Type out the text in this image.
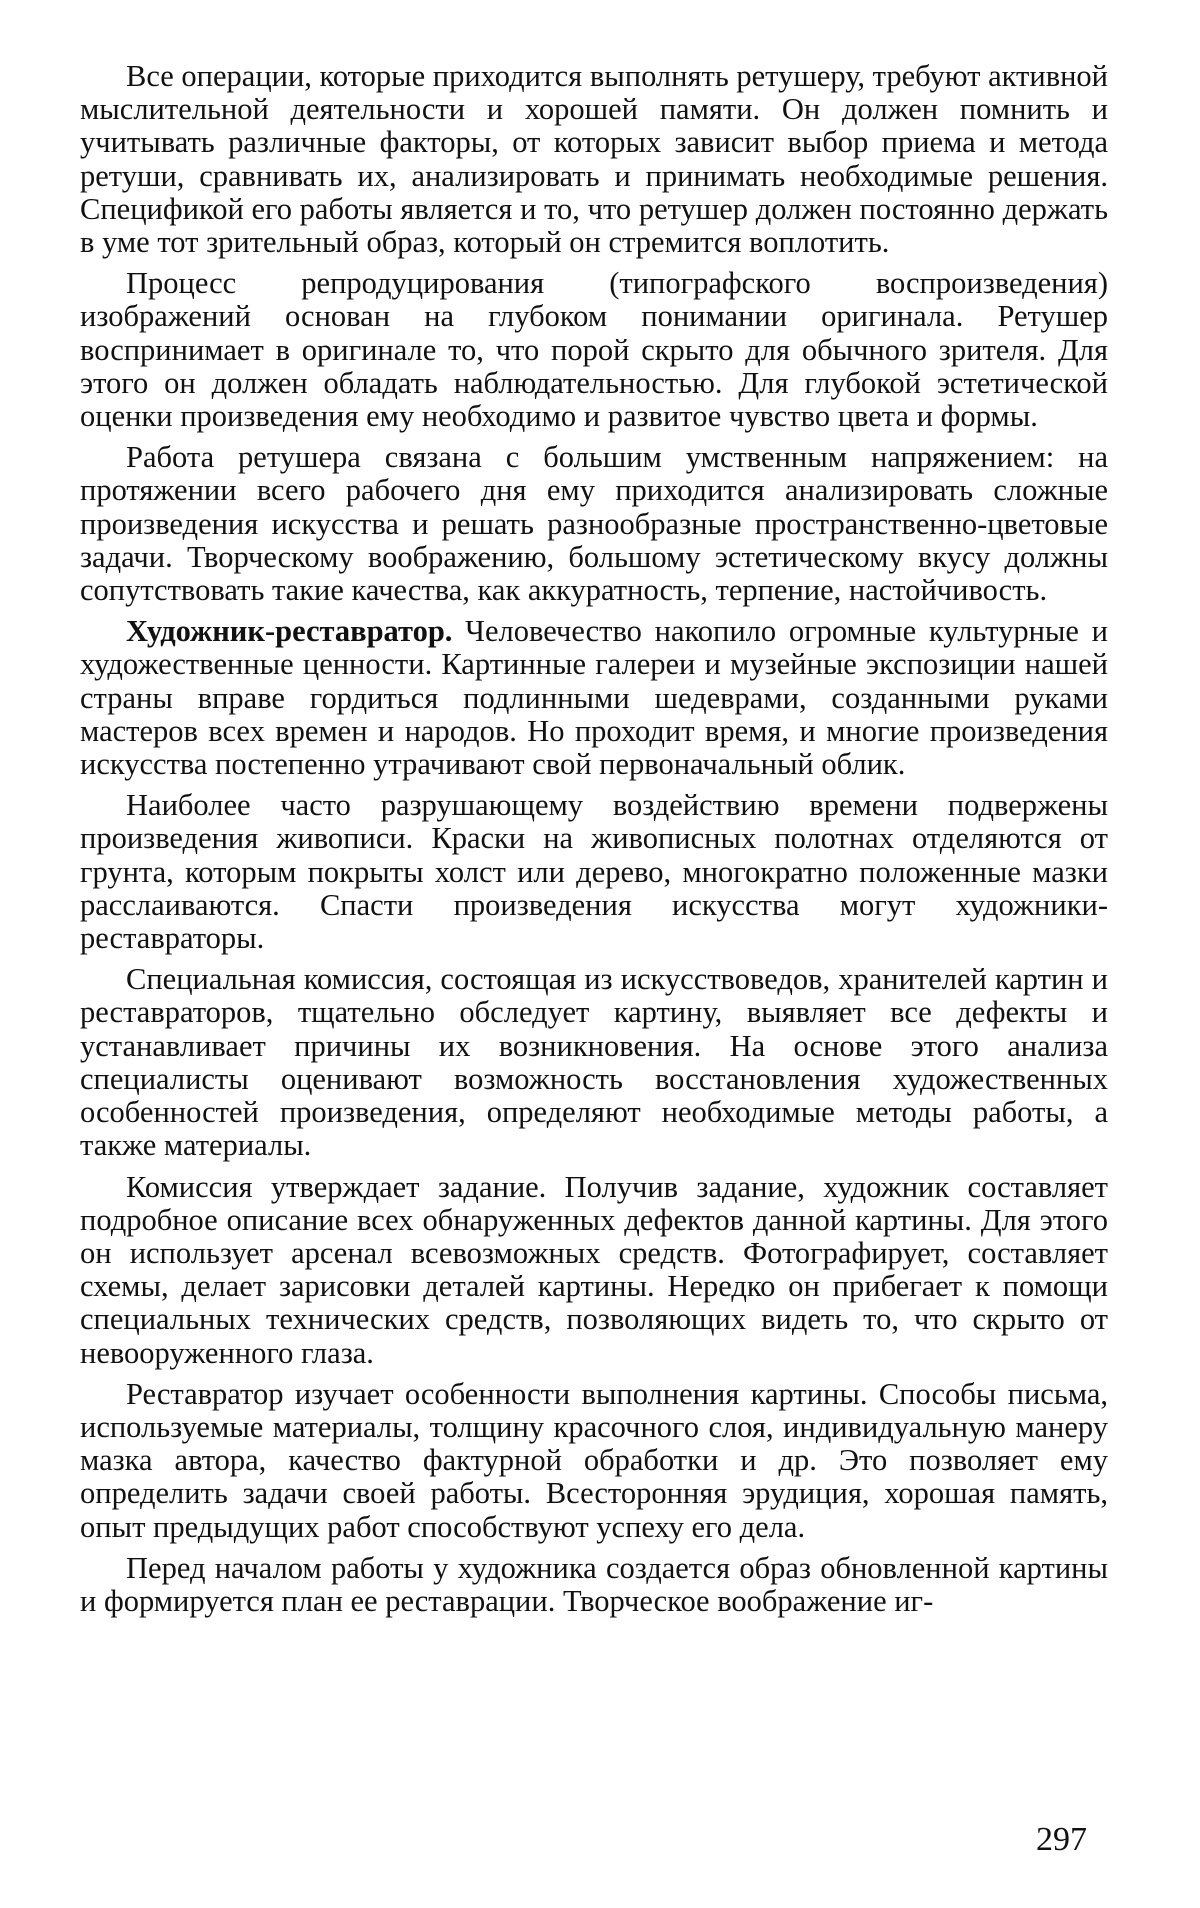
Все операции, которые приходится выполнять ретушеру, требуют активной мыслительной деятельности и хорошей памяти. Он должен помнить и учитывать различные факторы, от которых зависит выбор приема и метода ретуши, сравнивать их, анализировать и принимать необходимые решения. Спецификой его работы является и то, что ретушер должен постоянно держать в уме тот зрительный образ, который он стремится воплотить.

Процесс репродуцирования (типографского воспроизведения) изображений основан на глубоком понимании оригинала. Ретушер воспринимает в оригинале то, что порой скрыто для обычного зрителя. Для этого он должен обладать наблюдательностью. Для глубокой эстетической оценки произведения ему необходимо и развитое чувство цвета и формы.

Работа ретушера связана с большим умственным напряжением: на протяжении всего рабочего дня ему приходится анализировать сложные произведения искусства и решать разнообразные пространственно-цветовые задачи. Творческому воображению, большому эстетическому вкусу должны сопутствовать такие качества, как аккуратность, терпение, настойчивость.

Художник-реставратор. Человечество накопило огромные культурные и художественные ценности. Картинные галереи и музейные экспозиции нашей страны вправе гордиться подлинными шедеврами, созданными руками мастеров всех времен и народов. Но проходит время, и многие произведения искусства постепенно утрачивают свой первоначальный облик.

Наиболее часто разрушающему воздействию времени подвержены произведения живописи. Краски на живописных полотнах отделяются от грунта, которым покрыты холст или дерево, многократно положенные мазки расслаиваются. Спасти произведения искусства могут художники-реставраторы.

Специальная комиссия, состоящая из искусствоведов, хранителей картин и реставраторов, тщательно обследует картину, выявляет все дефекты и устанавливает причины их возникновения. На основе этого анализа специалисты оценивают возможность восстановления художественных особенностей произведения, определяют необходимые методы работы, а также материалы.

Комиссия утверждает задание. Получив задание, художник составляет подробное описание всех обнаруженных дефектов данной картины. Для этого он использует арсенал всевозможных средств. Фотографирует, составляет схемы, делает зарисовки деталей картины. Нередко он прибегает к помощи специальных технических средств, позволяющих видеть то, что скрыто от невооруженного глаза.

Реставратор изучает особенности выполнения картины. Способы письма, используемые материалы, толщину красочного слоя, индивидуальную манеру мазка автора, качество фактурной обработки и др. Это позволяет ему определить задачи своей работы. Всесторонняя эрудиция, хорошая память, опыт предыдущих работ способствуют успеху его дела.

Перед началом работы у художника создается образ обновленной картины и формируется план ее реставрации. Творческое воображение иг-

297
